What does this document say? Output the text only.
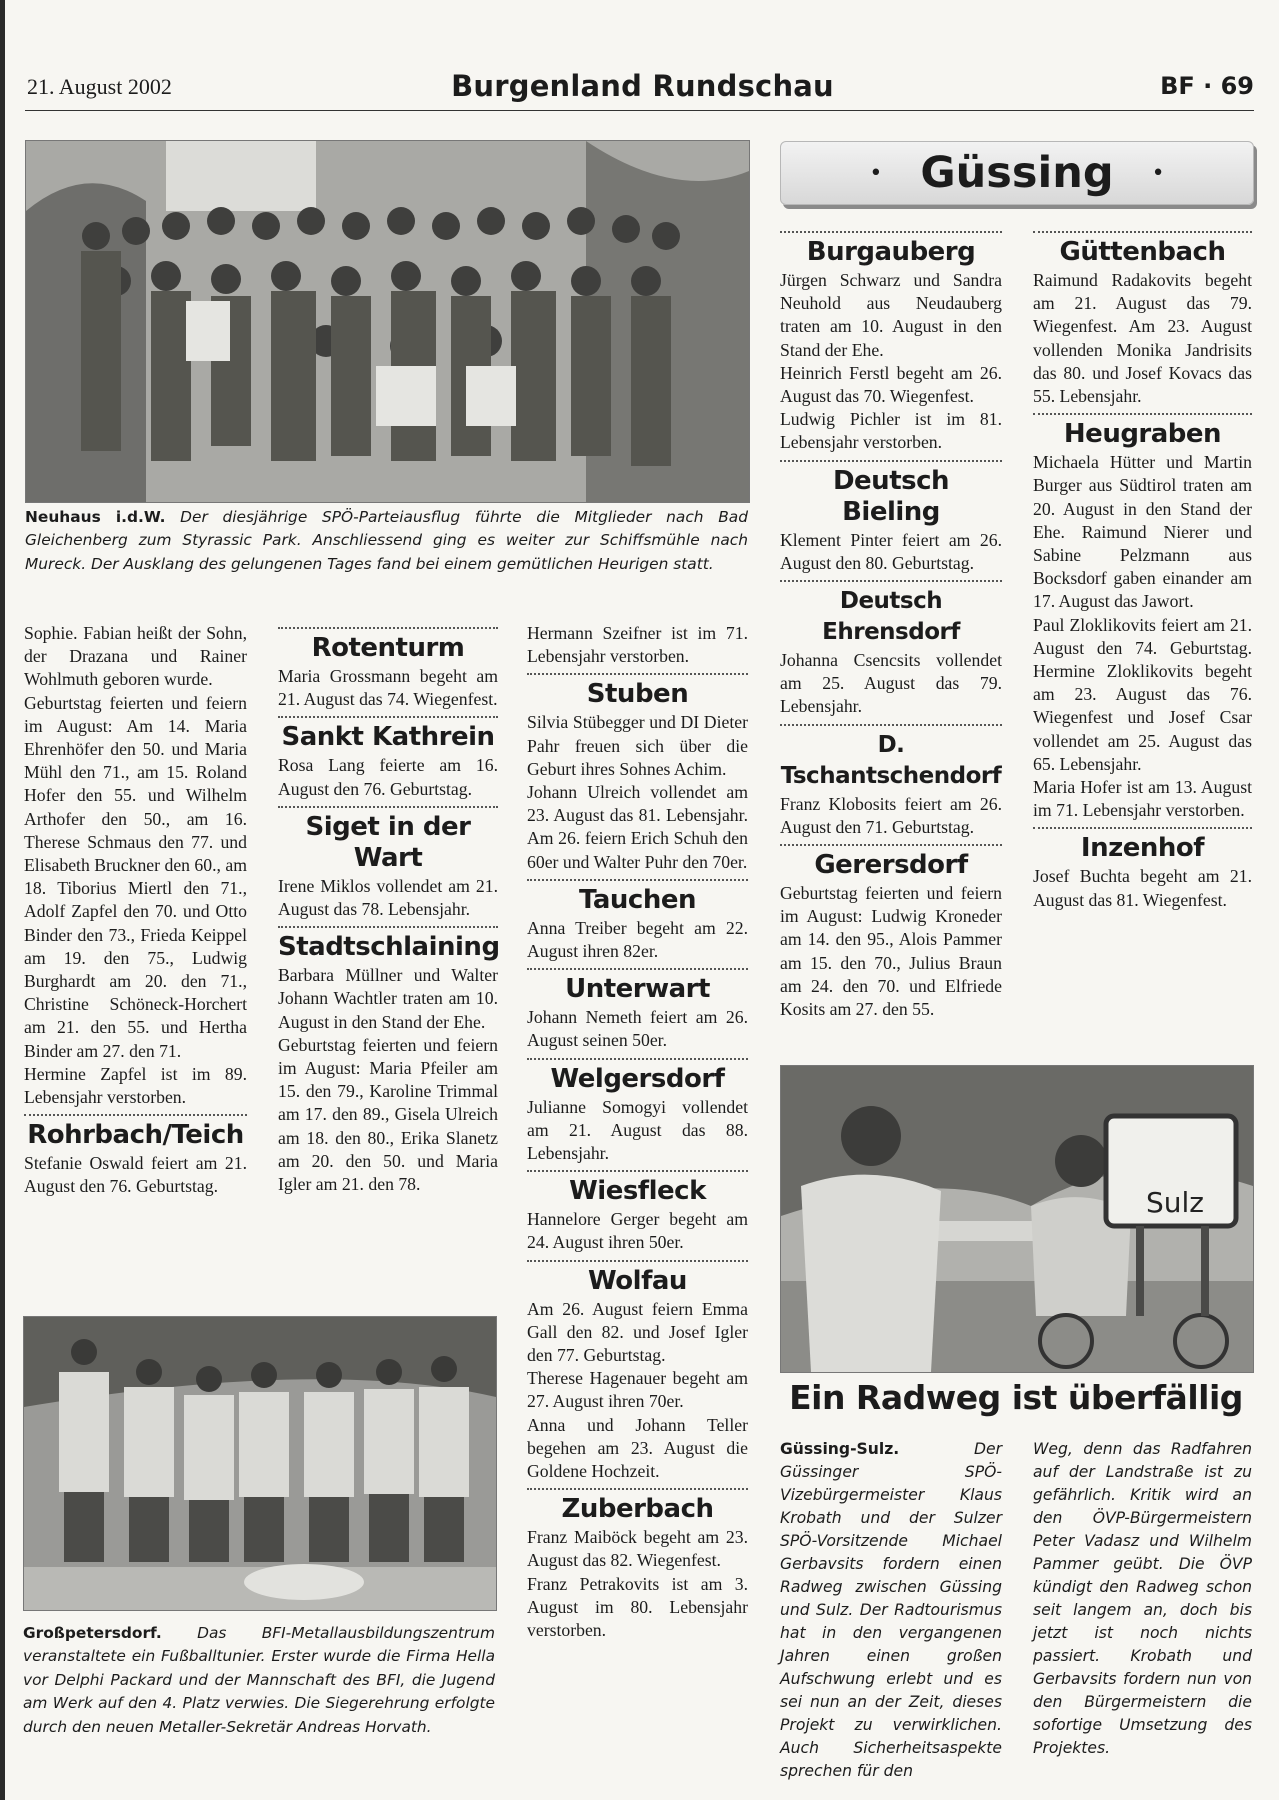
21. August 2002	Burgenland Rundschau	BF · 69

Neuhaus i.d.W. Der diesjährige SPÖ-Parteiausflug führte die Mitglieder nach Bad Gleichenberg zum Styrassic Park. Anschliessend ging es weiter zur Schiffsmühle nach Mureck. Der Ausklang des gelungenen Tages fand bei einem gemütlichen Heurigen statt.

Sophie. Fabian heißt der Sohn, der Drazana und Rainer Wohlmuth geboren wurde.

Geburtstag feierten und feiern im August: Am 14. Maria Ehrenhöfer den 50. und Maria Mühl den 71., am 15. Roland Hofer den 55. und Wilhelm Arthofer den 50., am 16. Therese Schmaus den 77. und Elisabeth Bruckner den 60., am 18. Tiborius Miertl den 71., Adolf Zapfel den 70. und Otto Binder den 73., Frieda Keippel am 19. den 75., Ludwig Burghardt am 20. den 71., Christine Schöneck-Horchert am 21. den 55. und Hertha Binder am 27. den 71.

Hermine Zapfel ist im 89. Lebensjahr verstorben.

Rohrbach/Teich

Stefanie Oswald feiert am 21. August den 76. Geburtstag.

Rotenturm

Maria Grossmann begeht am 21. August das 74. Wiegenfest.

Sankt Kathrein

Rosa Lang feierte am 16. August den 76. Geburtstag.

Siget in der Wart

Irene Miklos vollendet am 21. August das 78. Lebensjahr.

Stadtschlaining

Barbara Müllner und Walter Johann Wachtler traten am 10. August in den Stand der Ehe.

Geburtstag feierten und feiern im August: Maria Pfeiler am 15. den 79., Karoline Trimmal am 17. den 89., Gisela Ulreich am 18. den 80., Erika Slanetz am 20. den 50. und Maria Igler am 21. den 78.

Hermann Szeifner ist im 71. Lebensjahr verstorben.

Stuben

Silvia Stübegger und DI Dieter Pahr freuen sich über die Geburt ihres Sohnes Achim.

Johann Ulreich vollendet am 23. August das 81. Lebensjahr. Am 26. feiern Erich Schuh den 60er und Walter Puhr den 70er.

Tauchen

Anna Treiber begeht am 22. August ihren 82er.

Unterwart

Johann Nemeth feiert am 26. August seinen 50er.

Welgersdorf

Julianne Somogyi vollendet am 21. August das 88. Lebensjahr.

Wiesfleck

Hannelore Gerger begeht am 24. August ihren 50er.

Wolfau

Am 26. August feiern Emma Gall den 82. und Josef Igler den 77. Geburtstag.

Therese Hagenauer begeht am 27. August ihren 70er.

Anna und Johann Teller begehen am 23. August die Goldene Hochzeit.

Zuberbach

Franz Maiböck begeht am 23. August das 82. Wiegenfest.

Franz Petrakovits ist am 3. August im 80. Lebensjahr verstorben.

Großpetersdorf. Das BFI-Metallausbildungszentrum veranstaltete ein Fußballtunier. Erster wurde die Firma Hella vor Delphi Packard und der Mannschaft des BFI, die Jugend am Werk auf den 4. Platz verwies. Die Siegerehrung erfolgte durch den neuen Metaller-Sekretär Andreas Horvath.

• Güssing •
Burgauberg

Jürgen Schwarz und Sandra Neuhold aus Neudauberg traten am 10. August in den Stand der Ehe.

Heinrich Ferstl begeht am 26. August das 70. Wiegenfest.

Ludwig Pichler ist im 81. Lebensjahr verstorben.

Deutsch Bieling

Klement Pinter feiert am 26. August den 80. Geburtstag.

Deutsch Ehrensdorf

Johanna Csencsits vollendet am 25. August das 79. Lebensjahr.

D. Tschantschendorf

Franz Klobosits feiert am 26. August den 71. Geburtstag.

Gerersdorf

Geburtstag feierten und feiern im August: Ludwig Kroneder am 14. den 95., Alois Pammer am 15. den 70., Julius Braun am 24. den 70. und Elfriede Kosits am 27. den 55.

Güttenbach

Raimund Radakovits begeht am 21. August das 79. Wiegenfest. Am 23. August vollenden Monika Jandrisits das 80. und Josef Kovacs das 55. Lebensjahr.

Heugraben

Michaela Hütter und Martin Burger aus Südtirol traten am 20. August in den Stand der Ehe. Raimund Nierer und Sabine Pelzmann aus Bocksdorf gaben einander am 17. August das Jawort.

Paul Zloklikovits feiert am 21. August den 74. Geburtstag. Hermine Zloklikovits begeht am 23. August das 76. Wiegenfest und Josef Csar vollendet am 25. August das 65. Lebensjahr.

Maria Hofer ist am 13. August im 71. Lebensjahr verstorben.

Inzenhof

Josef Buchta begeht am 21. August das 81. Wiegenfest.

Sulz
Ein Radweg ist überfällig

Güssing-Sulz.	Der Güssinger SPÖ-Vizebürgermeister Klaus Krobath und der Sulzer SPÖ-Vorsitzende Michael Gerbavsits fordern einen Radweg zwischen Güssing und Sulz. Der Radtourismus hat in den vergangenen Jahren einen großen Aufschwung erlebt und es sei nun an der Zeit, dieses Projekt zu verwirklichen. Auch Sicherheitsaspekte sprechen für den

Weg, denn das Radfahren auf der Landstraße ist zu gefährlich. Kritik wird an den ÖVP-Bürgermeistern Peter Vadasz und Wilhelm Pammer geübt. Die ÖVP kündigt den Radweg schon seit langem an, doch bis jetzt ist noch nichts passiert. Krobath und Gerbavsits fordern nun von den Bürgermeistern die sofortige Umsetzung des Projektes.
